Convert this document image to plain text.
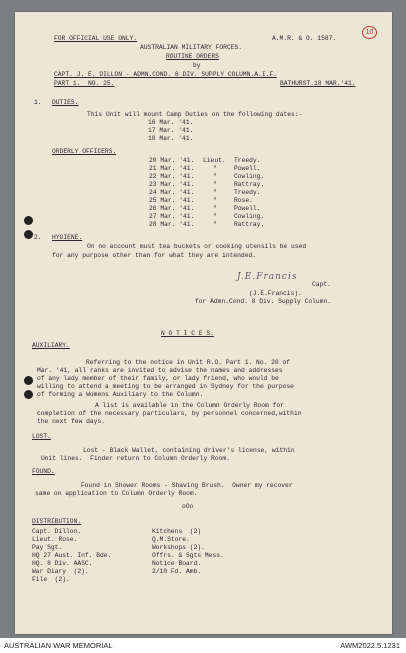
FOR OFFICIAL USE ONLY.	A.M.R. & O. 1587.
10
AUSTRALIAN MILITARY FORCES.
ROUTINE ORDERS
by
CAPT. J. E. DILLON - ADMN.COND. 8 DIV. SUPPLY COLUMN.A.I.F.
PART 1.  NO. 25.	BATHURST.18 MAR.'41.
1. DUTIES.
This Unit will mount Camp Duties on the following dates:-
16 Mar. '41.
17 Mar. '41.
18 Mar. '41.
ORDERLY OFFICERS.
20 Mar. '41. Lieut. Treedy.
21 Mar. '41.	"	Powell.
22 Mar. '41.	"	Cowling.
23 Mar. '41.	"	Rattray.
24 Mar. '41.	"	Treedy.
25 Mar. '41.	"	Rose.
26 Mar. '41.	"	Powell.
27 Mar. '41.	"	Cowling.
28 Mar. '41.	"	Rattray.
2. HYGIENE.
On no account must tea buckets or cooking utensils be used
for any purpose other than for what they are intended.
J.E.Francis
Capt.
(J.E.Francis).
for Admn.Cond. 8 Div. Supply Column.
N O T I C E S.
AUXILIARY.
Referring to the notice in Unit R.O. Part 1. No. 20 of
Mar. '41, all ranks are invited to advise the names and addresses
of any lady member of their family, or lady friend, who would be
willing to attend a meeting to be arranged in Sydney for the purpose
of forming a Womens Auxiliary to the Column.
A list is available in the Column Orderly Room for
completion of the necessary particulars, by personnel concerned,within
the next few days.
LOST.
Lost - Black Wallet, containing driver's license, within
Unit lines.  Finder return to Column Orderly Room.
FOUND.
Found in Shower Rooms - Shaving Brush.  Owner my recover
same on application to Column Orderly Room.
oOo
DISTRIBUTION.
Capt. Dillon.
Lieut. Rose.
Pay Sgt.
HQ 27 Aust. Inf. Bde.
HQ. 8 Div. AASC.
War Diary  (2).
File  (2).
Kitchens  (2)
Q.M.Store.
Workshops (2).
Offrs. & Sgts Mess.
Notice Board.
2/10 Fd. Amb.
AUSTRALIAN WAR MEMORIAL	AWM2022.5.1231
